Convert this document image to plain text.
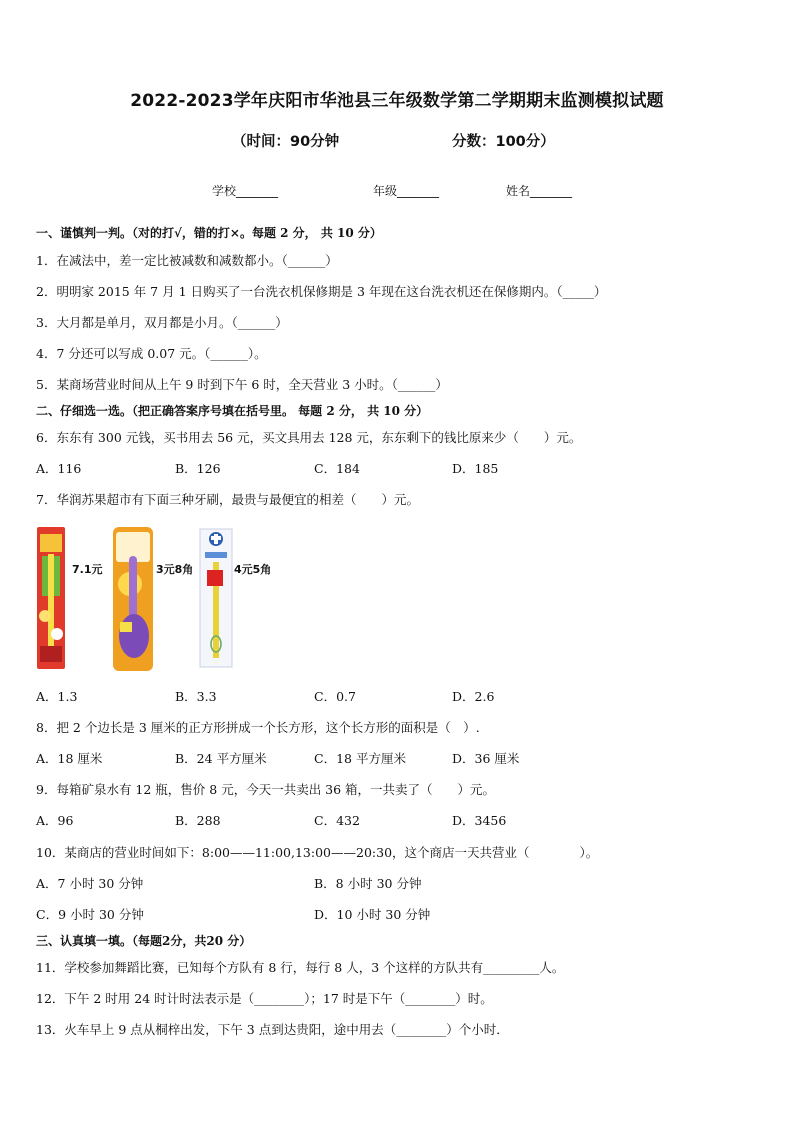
2022-2023学年庆阳市华池县三年级数学第二学期期末监测模拟试题
（时间：90分钟	分数：100分）
学校_______	年级_______	姓名_______
一、谨慎判一判。（对的打√，错的打×。每题 2 分， 共 10 分）
1．在减法中，差一定比被减数和减数都小。（______）
2．明明家 2015 年 7 月 1 日购买了一台洗衣机保修期是 3 年现在这台洗衣机还在保修期内。（_____）
3．大月都是单月，双月都是小月。（______）
4．7 分还可以写成 0.07 元。（______）。
5．某商场营业时间从上午 9 时到下午 6 时，全天营业 3 小时。（______）
二、仔细选一选。（把正确答案序号填在括号里。 每题 2 分， 共 10 分）
6．东东有 300 元钱，买书用去 56 元，买文具用去 128 元，东东剩下的钱比原来少（　　）元。
A．116	B．126	C．184	D．185
7．华润苏果超市有下面三种牙刷，最贵与最便宜的相差（　　）元。
7.1元	3元8角	4元5角
A．1.3	B．3.3	C．0.7	D．2.6
8．把 2 个边长是 3 厘米的正方形拼成一个长方形，这个长方形的面积是（　）.
A．18 厘米	B．24 平方厘米	C．18 平方厘米	D．36 厘米
9．每箱矿泉水有 12 瓶，售价 8 元，今天一共卖出 36 箱，一共卖了（　　）元。
A．96	B．288	C．432	D．3456
10．某商店的营业时间如下：8:00——11:00,13:00——20:30，这个商店一天共营业（　　　　）。
A．7 小时 30 分钟	B．8 小时 30 分钟
C．9 小时 30 分钟	D．10 小时 30 分钟
三、认真填一填。（每题2分，共20 分）
11．学校参加舞蹈比赛，已知每个方队有 8 行，每行 8 人，3 个这样的方队共有_________人。
12．下午 2 时用 24 时计时法表示是（________）；17 时是下午（________）时。
13．火车早上 9 点从桐梓出发，下午 3 点到达贵阳，途中用去（________）个小时．
